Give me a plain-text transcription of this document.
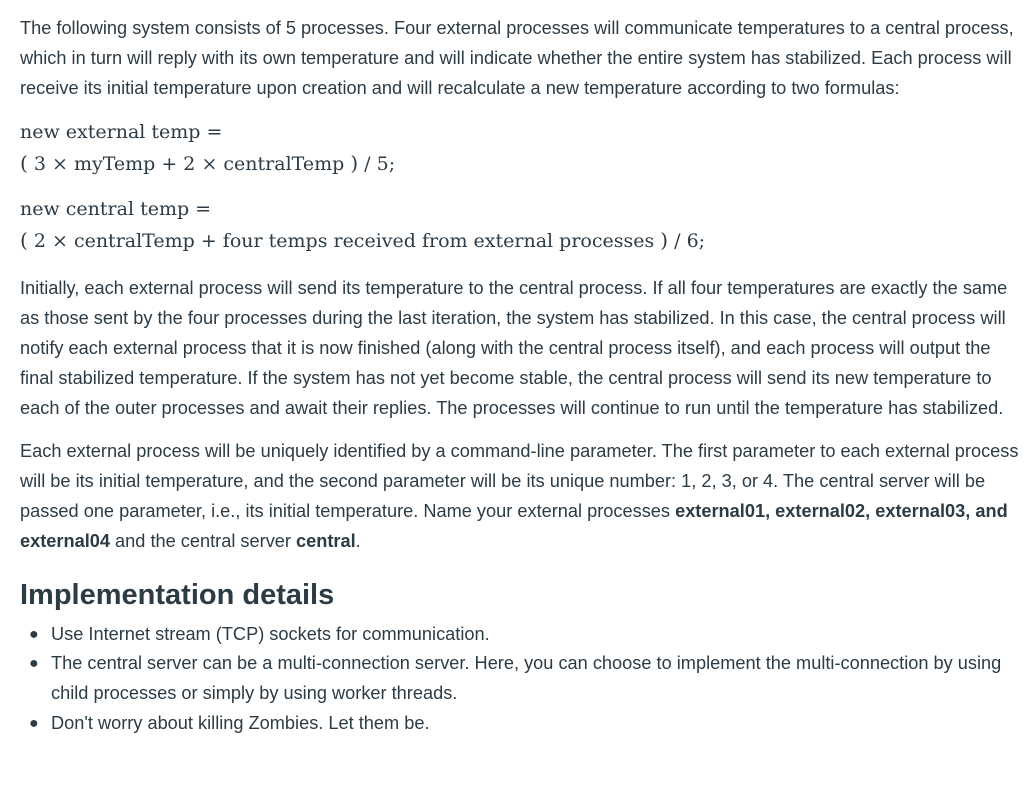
The following system consists of 5 processes. Four external processes will communicate temperatures to a central process, which in turn will reply with its own temperature and will indicate whether the entire system has stabilized. Each process will receive its initial temperature upon creation and will recalculate a new temperature according to two formulas:

new external temp =
( 3 × myTemp + 2 × centralTemp ) / 5;
new central temp =
( 2 × centralTemp + four temps received from external processes ) / 6;

Initially, each external process will send its temperature to the central process. If all four temperatures are exactly the same as those sent by the four processes during the last iteration, the system has stabilized. In this case, the central process will notify each external process that it is now finished (along with the central process itself), and each process will output the final stabilized temperature. If the system has not yet become stable, the central process will send its new temperature to each of the outer processes and await their replies. The processes will continue to run until the temperature has stabilized.

Each external process will be uniquely identified by a command-line parameter. The first parameter to each external process will be its initial temperature, and the second parameter will be its unique number: 1, 2, 3, or 4. The central server will be passed one parameter, i.e., its initial temperature. Name your external processes external01, external02, external03, and external04 and the central server central.

Implementation details
● Use Internet stream (TCP) sockets for communication.
● The central server can be a multi-connection server. Here, you can choose to implement the multi-connection by using child processes or simply by using worker threads.
● Don't worry about killing Zombies. Let them be.
